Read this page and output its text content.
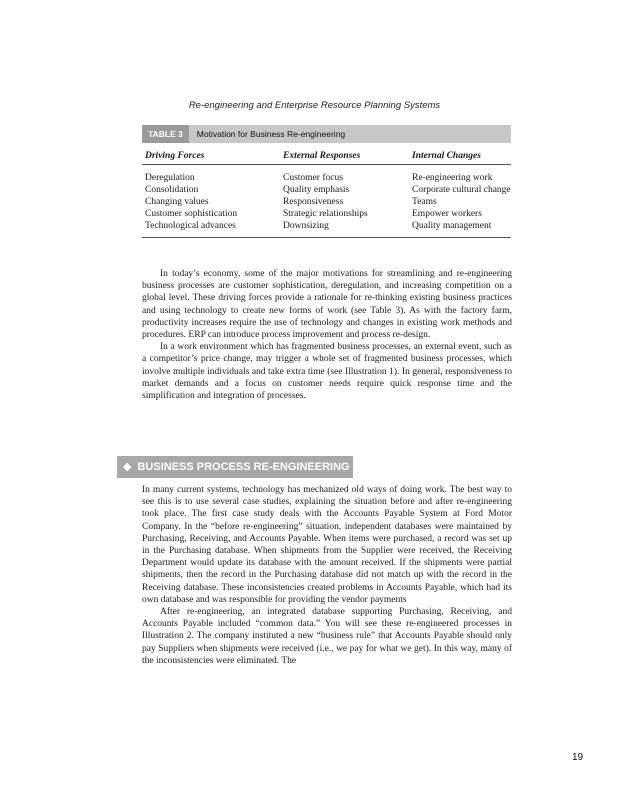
Re-engineering and Enterprise Resource Planning Systems
TABLE 3 Motivation for Business Re-engineering
Driving Forces	External Responses	Internal Changes
Deregulation	Customer focus	Re-engineering work
Consolidation	Quality emphasis	Corporate cultural change
Changing values	Responsiveness	Teams
Customer sophistication	Strategic relationships	Empower workers
Technological advances	Downsizing	Quality management

In today’s economy, some of the major motivations for streamlining and re-engineering business processes are customer sophistication, deregulation, and increasing competition on a global level. These driving forces provide a rationale for re-thinking existing business practices and using technology to create new forms of work (see Table 3). As with the factory farm, productivity increases require the use of technology and changes in existing work methods and procedures. ERP can introduce process improvement and process re-design.

In a work environment which has fragmented business processes, an external event, such as a competitor’s price change, may trigger a whole set of fragmented business processes, which involve multiple individuals and take extra time (see Illustration 1). In general, responsiveness to market demands and a focus on customer needs require quick response time and the simplification and integration of processes.

◆ BUSINESS PROCESS RE-ENGINEERING

In many current systems, technology has mechanized old ways of doing work. The best way to see this is to use several case studies, explaining the situation before and after re-engineering took place. The first case study deals with the Accounts Payable System at Ford Motor Company. In the “before re-engineering” situation, independent databases were maintained by Purchasing, Receiving, and Accounts Payable. When items were purchased, a record was set up in the Purchasing database. When shipments from the Supplier were received, the Receiving Department would update its database with the amount received. If the shipments were partial shipments, then the record in the Purchasing database did not match up with the record in the Receiving database. These inconsistencies created problems in Accounts Payable, which had its own database and was responsible for providing the vendor payments

After re-engineering, an integrated database supporting Purchasing, Receiving, and Accounts Payable included “common data.” You will see these re-engineered processes in Illustration 2. The company instituted a new “business rule” that Accounts Payable should only pay Suppliers when shipments were received (i.e., we pay for what we get). In this way, many of the inconsistencies were eliminated. The

19
